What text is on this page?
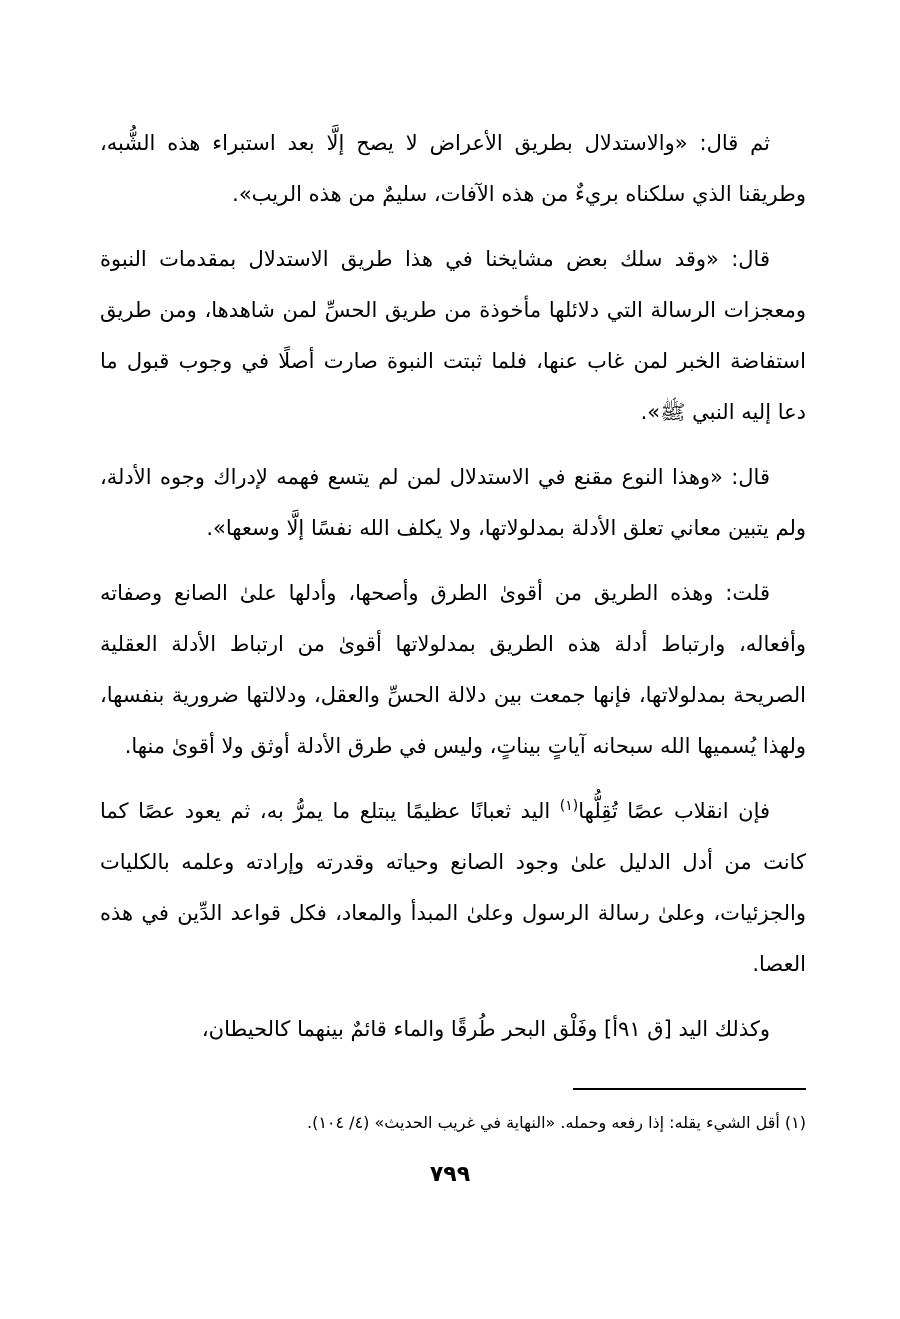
ثم قال: «والاستدلال بطريق الأعراض لا يصح إلَّا بعد استبراء هذه الشُّبه، وطريقنا الذي سلكناه بريءٌ من هذه الآفات، سليمٌ من هذه الريب».

قال: «وقد سلك بعض مشايخنا في هذا طريق الاستدلال بمقدمات النبوة ومعجزات الرسالة التي دلائلها مأخوذة من طريق الحسِّ لمن شاهدها، ومن طريق استفاضة الخبر لمن غاب عنها، فلما ثبتت النبوة صارت أصلًا في وجوب قبول ما دعا إليه النبي ﷺ».

قال: «وهذا النوع مقنع في الاستدلال لمن لم يتسع فهمه لإدراك وجوه الأدلة، ولم يتبين معاني تعلق الأدلة بمدلولاتها، ولا يكلف الله نفسًا إلَّا وسعها».

قلت: وهذه الطريق من أقوىٰ الطرق وأصحها، وأدلها علىٰ الصانع وصفاته وأفعاله، وارتباط أدلة هذه الطريق بمدلولاتها أقوىٰ من ارتباط الأدلة العقلية الصريحة بمدلولاتها، فإنها جمعت بين دلالة الحسِّ والعقل، ودلالتها ضرورية بنفسها، ولهذا يُسميها الله سبحانه آياتٍ بيناتٍ، وليس في طرق الأدلة أوثق ولا أقوىٰ منها.

فإن انقلاب عصًا تُقِلُّها$^{(١)}$ اليد ثعبانًا عظيمًا يبتلع ما يمرُّ به، ثم يعود عصًا كما كانت من أدل الدليل علىٰ وجود الصانع وحياته وقدرته وإرادته وعلمه بالكليات والجزئيات، وعلىٰ رسالة الرسول وعلىٰ المبدأ والمعاد، فكل قواعد الدِّين في هذه العصا.

وكذلك اليد [ق ٩١أ] وفَلْق البحر طُرقًا والماء قائمٌ بينهما كالحيطان،

(١) أقل الشيء يقله: إذا رفعه وحمله. «النهاية في غريب الحديث» (٤/ ١٠٤).
٧٩٩
